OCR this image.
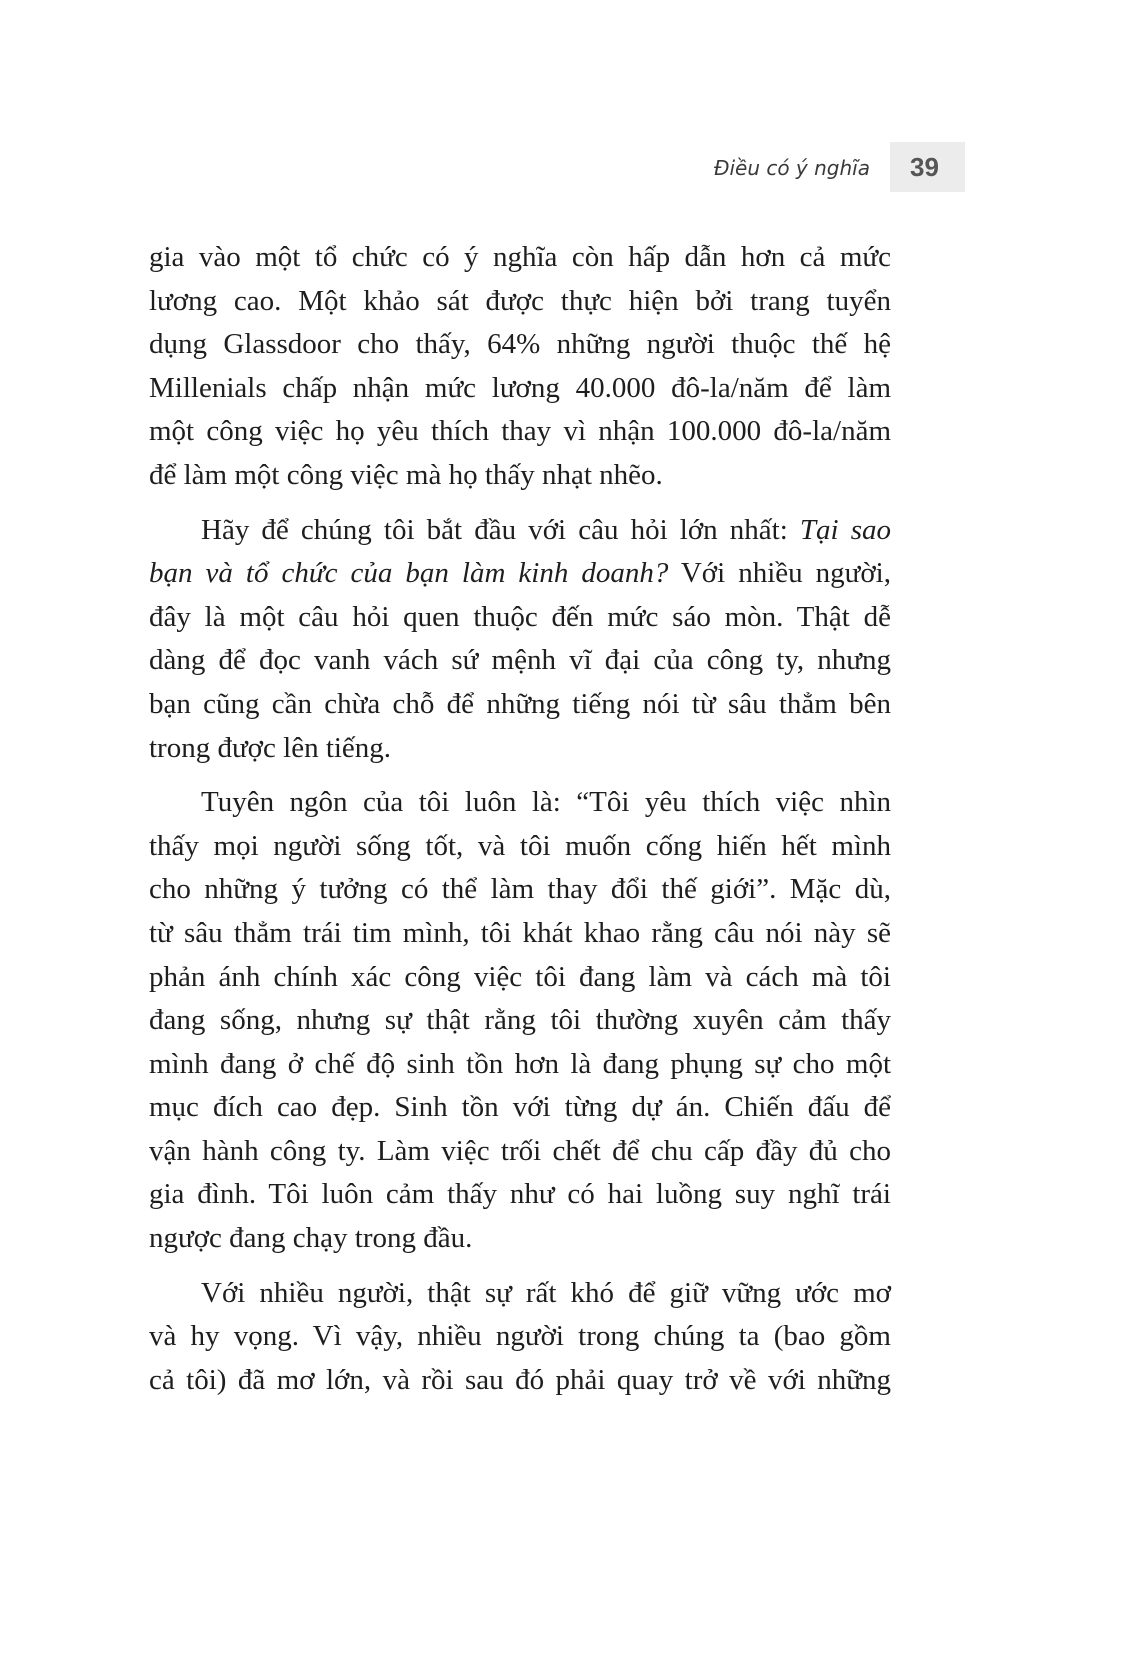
Điều có ý nghĩa 39
gia vào một tổ chức có ý nghĩa còn hấp dẫn hơn cả mức
lương cao. Một khảo sát được thực hiện bởi trang tuyển
dụng Glassdoor cho thấy, 64% những người thuộc thế hệ
Millenials chấp nhận mức lương 40.000 đô-la/năm để làm
một công việc họ yêu thích thay vì nhận 100.000 đô-la/năm
để làm một công việc mà họ thấy nhạt nhẽo.
Hãy để chúng tôi bắt đầu với câu hỏi lớn nhất: Tại sao
bạn và tổ chức của bạn làm kinh doanh? Với nhiều người,
đây là một câu hỏi quen thuộc đến mức sáo mòn. Thật dễ
dàng để đọc vanh vách sứ mệnh vĩ đại của công ty, nhưng
bạn cũng cần chừa chỗ để những tiếng nói từ sâu thẳm bên
trong được lên tiếng.
Tuyên ngôn của tôi luôn là: “Tôi yêu thích việc nhìn
thấy mọi người sống tốt, và tôi muốn cống hiến hết mình
cho những ý tưởng có thể làm thay đổi thế giới”. Mặc dù,
từ sâu thẳm trái tim mình, tôi khát khao rằng câu nói này sẽ
phản ánh chính xác công việc tôi đang làm và cách mà tôi
đang sống, nhưng sự thật rằng tôi thường xuyên cảm thấy
mình đang ở chế độ sinh tồn hơn là đang phụng sự cho một
mục đích cao đẹp. Sinh tồn với từng dự án. Chiến đấu để
vận hành công ty. Làm việc trối chết để chu cấp đầy đủ cho
gia đình. Tôi luôn cảm thấy như có hai luồng suy nghĩ trái
ngược đang chạy trong đầu.
Với nhiều người, thật sự rất khó để giữ vững ước mơ
và hy vọng. Vì vậy, nhiều người trong chúng ta (bao gồm
cả tôi) đã mơ lớn, và rồi sau đó phải quay trở về với những
